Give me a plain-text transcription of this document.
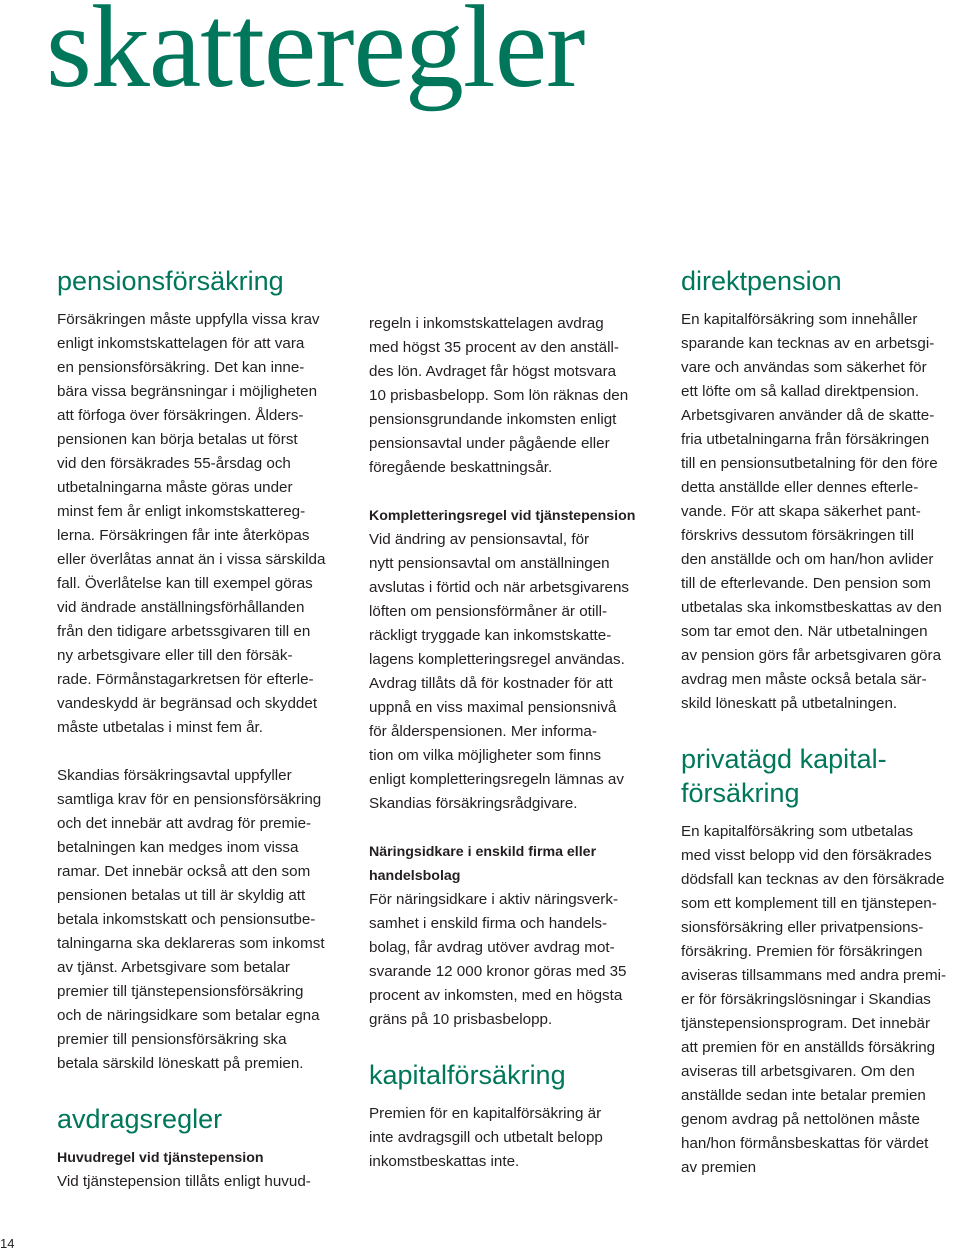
skatteregler
pensionsförsäkring

Försäkringen måste uppfylla vissa krav
enligt inkomstskattelagen för att vara
en pensionsförsäkring. Det kan inne-
bära vissa begränsningar i möjligheten
att förfoga över försäkringen. Ålders-
pensionen kan börja betalas ut först
vid den försäkrades 55-årsdag och
utbetalningarna måste göras under
minst fem år enligt inkomstskattereg-
lerna. Försäkringen får inte återköpas
eller överlåtas annat än i vissa särskilda
fall. Överlåtelse kan till exempel göras
vid ändrade anställningsförhållanden
från den tidigare arbetssgivaren till en
ny arbetsgivare eller till den försäk-
rade. Förmånstagarkretsen för efterle-
vandeskydd är begränsad och skyddet
måste utbetalas i minst fem år.

Skandias försäkringsavtal uppfyller
samtliga krav för en pensionsförsäkring
och det innebär att avdrag för premie-
betalningen kan medges inom vissa
ramar. Det innebär också att den som
pensionen betalas ut till är skyldig att
betala inkomstskatt och pensionsutbe-
talningarna ska deklareras som inkomst
av tjänst. Arbetsgivare som betalar
premier till tjänstepensionsförsäkring
och de näringsidkare som betalar egna
premier till pensionsförsäkring ska
betala särskild löneskatt på premien.

avdragsregler
Huvudregel vid tjänstepension

Vid tjänstepension tillåts enligt huvud-

regeln i inkomstskattelagen avdrag
med högst 35 procent av den anställ-
des lön. Avdraget får högst motsvara
10 prisbasbelopp. Som lön räknas den
pensionsgrundande inkomsten enligt
pensionsavtal under pågående eller
föregående beskattningsår.

Kompletteringsregel vid tjänstepension

Vid ändring av pensionsavtal, för
nytt pensionsavtal om anställningen
avslutas i förtid och när arbetsgivarens
löften om pensionsförmåner är otill-
räckligt tryggade kan inkomstskatte-
lagens kompletteringsregel användas.
Avdrag tillåts då för kostnader för att
uppnå en viss maximal pensionsnivå
för ålderspensionen. Mer informa-
tion om vilka möjligheter som finns
enligt kompletteringsregeln lämnas av
Skandias försäkringsrådgivare.

Näringsidkare i enskild firma eller
handelsbolag

För näringsidkare i aktiv näringsverk-
samhet i enskild firma och handels-
bolag, får avdrag utöver avdrag mot-
svarande 12 000 kronor göras med 35
procent av inkomsten, med en högsta
gräns på 10 prisbasbelopp.

kapitalförsäkring

Premien för en kapitalförsäkring är
inte avdragsgill och utbetalt belopp
inkomstbeskattas inte.

direktpension

En kapitalförsäkring som innehåller
sparande kan tecknas av en arbetsgi-
vare och användas som säkerhet för
ett löfte om så kallad direktpension.
Arbetsgivaren använder då de skatte-
fria utbetalningarna från försäkringen
till en pensionsutbetalning för den före
detta anställde eller dennes efterle-
vande. För att skapa säkerhet pant-
förskrivs dessutom försäkringen till
den anställde och om han/hon avlider
till de efterlevande. Den pension som
utbetalas ska inkomstbeskattas av den
som tar emot den. När utbetalningen
av pension görs får arbetsgivaren göra
avdrag men måste också betala sär-
skild löneskatt på utbetalningen.

privatägd kapital-
försäkring

En kapitalförsäkring som utbetalas
med visst belopp vid den försäkrades
dödsfall kan tecknas av den försäkrade
som ett komplement till en tjänstepen-
sionsförsäkring eller privatpensions-
försäkring. Premien för försäkringen
aviseras tillsammans med andra premi-
er för försäkringslösningar i Skandias
tjänstepensionsprogram. Det innebär
att premien för en anställds försäkring
aviseras till arbetsgivaren. Om den
anställde sedan inte betalar premien
genom avdrag på nettolönen måste
han/hon förmånsbeskattas för värdet
av premien

14
